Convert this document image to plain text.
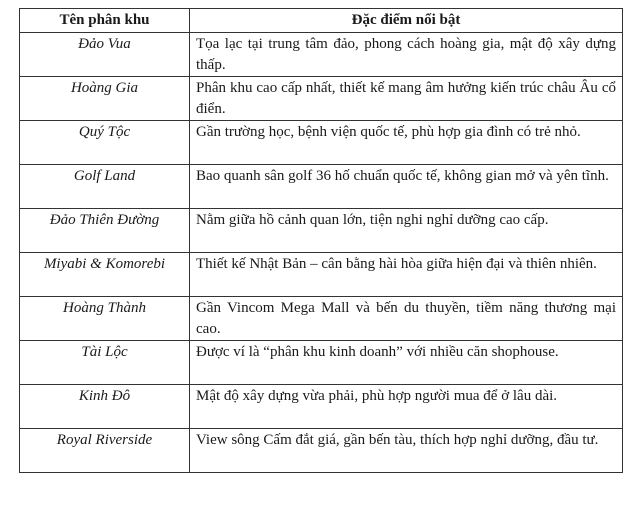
Tên phân khu	Đặc điểm nổi bật
Đảo Vua	Tọa lạc tại trung tâm đảo, phong cách hoàng gia, mật độ xây dựng thấp.
Hoàng Gia	Phân khu cao cấp nhất, thiết kế mang âm hưởng kiến trúc châu Âu cổ điển.
Quý Tộc	Gần trường học, bệnh viện quốc tế, phù hợp gia đình có trẻ nhỏ.
Golf Land	Bao quanh sân golf 36 hố chuẩn quốc tế, không gian mở và yên tĩnh.
Đảo Thiên Đường	Nằm giữa hồ cảnh quan lớn, tiện nghi nghỉ dưỡng cao cấp.
Miyabi & Komorebi	Thiết kế Nhật Bản – cân bằng hài hòa giữa hiện đại và thiên nhiên.
Hoàng Thành	Gần Vincom Mega Mall và bến du thuyền, tiềm năng thương mại cao.
Tài Lộc	Được ví là “phân khu kinh doanh” với nhiều căn shophouse.
Kinh Đô	Mật độ xây dựng vừa phải, phù hợp người mua để ở lâu dài.
Royal Riverside	View sông Cấm đắt giá, gần bến tàu, thích hợp nghỉ dưỡng, đầu tư.
